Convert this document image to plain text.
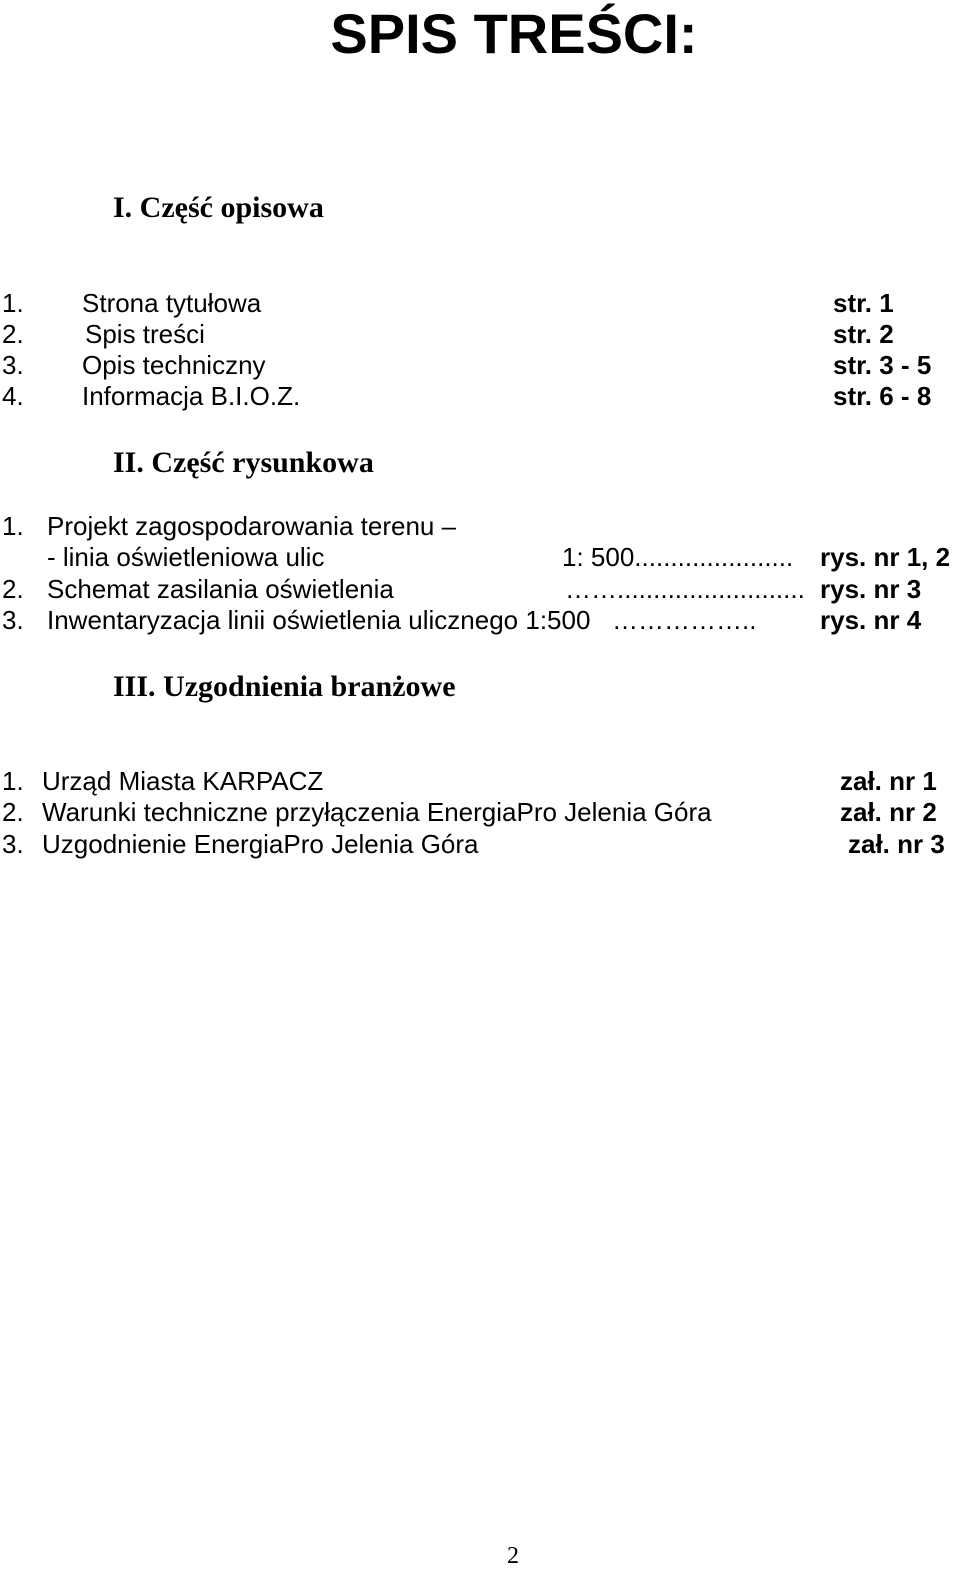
SPIS TREŚCI:
I. Część opisowa
1. Strona tytułowa	str. 1
2. Spis treści	str. 2
3. Opis techniczny	str. 3 - 5
4. Informacja B.I.O.Z.	str. 6 - 8
II. Część rysunkowa
1. Projekt zagospodarowania terenu –
- linia oświetleniowa ulic	1: 500...................... rys. nr 1, 2
2. Schemat zasilania oświetlenia	…….......................... rys. nr 3
3. Inwentaryzacja linii oświetlenia ulicznego 1:500 …………….. rys. nr 4
III. Uzgodnienia branżowe
1. Urząd Miasta KARPACZ	zał. nr 1
2. Warunki techniczne przyłączenia EnergiaPro Jelenia Góra	zał. nr 2
3. Uzgodnienie EnergiaPro Jelenia Góra	zał. nr 3
2
